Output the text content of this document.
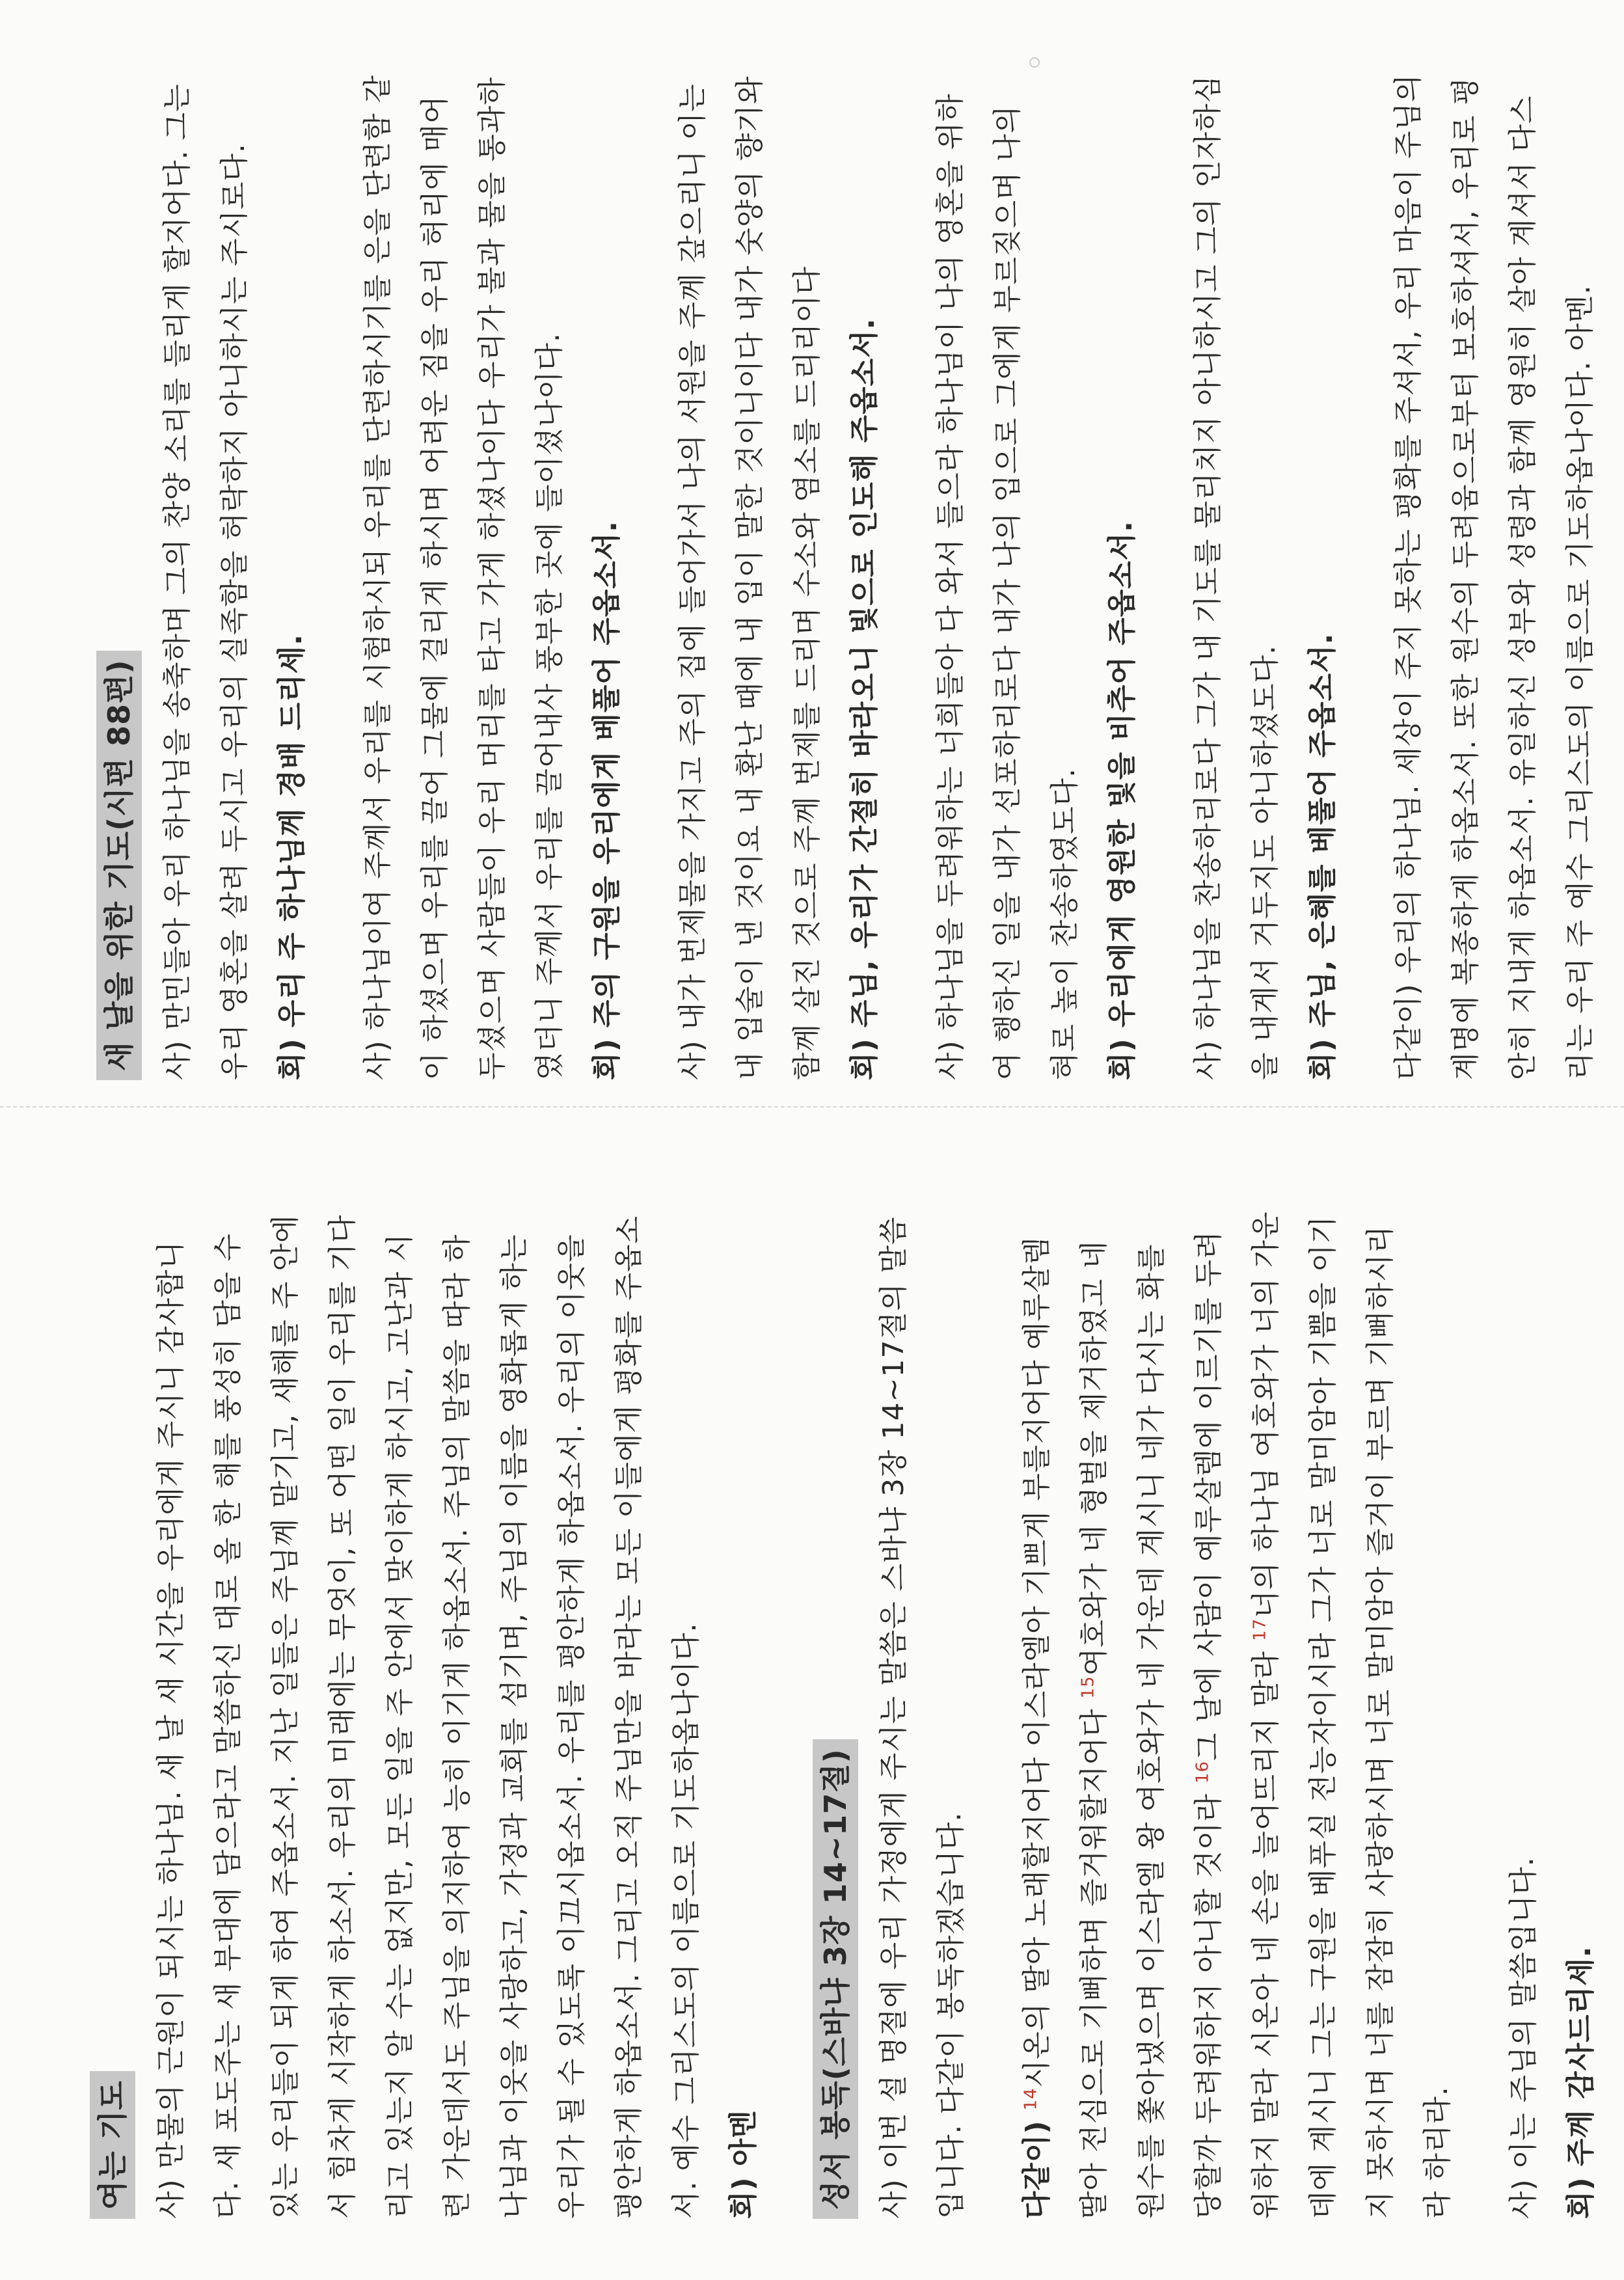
여는 기도 사) 만물의 근원이 되시는 하나님. 새 날 새 시간을 우리에게 주시니 감사합니다. 새 포도주는 새 부대에 담으라고 말씀하신 대로 올 한 해를 풍성히 담을 수 있는 우리들이 되게 하여 주옵소서. 지난 일들은 주님께 맡기고, 새해를 주 안에서 힘차게 시작하게 하소서. 우리의 미래에는 무엇이, 또 어떤 일이 우리를 기다리고 있는지 알 수는 없지만, 모든 일을 주 안에서 맞이하게 하시고, 고난과 시련 가운데서도 주님을 의지하여 능히 이기게 하옵소서. 주님의 말씀을 따라 하나님과 이웃을 사랑하고, 가정과 교회를 섬기며, 주님의 이름을 영화롭게 하는 우리가 될 수 있도록 이끄시옵소서. 우리를 평안하게 하옵소서. 우리의 이웃을 평안하게 하옵소서. 그리고 오직 주님만을 바라는 모든 이들에게 평화를 주옵소서. 예수 그리스도의 이름으로 기도하옵나이다. 회) 아멘	성서 봉독(스바냐 3장 14~17절) 사) 이번 설 명절에 우리 가정에게 주시는 말씀은 스바냐 3장 14~17절의 말씀입니다. 다같이 봉독하겠습니다.	다같이) $^{14}$시온의 딸아 노래할지어다 이스라엘아 기쁘게 부를지어다 예루살렘 딸아 전심으로 기뻐하며 즐거워할지어다 $^{15}$여호와가 네 형벌을 제거하였고 네 원수를 쫓아냈으며 이스라엘 왕 여호와가 네 가운데 계시니 네가 다시는 화를 당할까 두려워하지 아니할 것이라 $^{16}$그 날에 사람이 예루살렘에 이르기를 두려워하지 말라 시온아 네 손을 늘어뜨리지 말라 $^{17}$너의 하나님 여호와가 너의 가운데에 계시니 그는 구원을 베푸실 전능자이시라 그가 너로 말미암아 기쁨을 이기지 못하시며 너를 잠잠히 사랑하시며 너로 말미암아 즐거이 부르며 기뻐하시리라 하리라.	사) 이는 주님의 말씀입니다. 회) 주께 감사드리세.
새 날을 위한 기도(시편 88편) 사) 만민들아 우리 하나님을 송축하며 그의 찬양 소리를 들리게 할지어다. 그는 우리 영혼을 살려 두시고 우리의 실족함을 허락하지 아니하시는 주시로다. 회) 우리 주 하나님께 경배 드리세.	사) 하나님이여 주께서 우리를 시험하시되 우리를 단련하시기를 은을 단련함 같이 하셨으며 우리를 끌어 그물에 걸리게 하시며 어려운 짐을 우리 허리에 매어 두셨으며 사람들이 우리 머리를 타고 가게 하셨나이다 우리가 불과 물을 통과하였더니 주께서 우리를 끌어내사 풍부한 곳에 들이셨나이다. 회) 주의 구원을 우리에게 베풀어 주옵소서.	사) 내가 번제물을 가지고 주의 집에 들어가서 나의 서원을 주께 갚으리니 이는 내 입술이 낸 것이요 내 환난 때에 내 입이 말한 것이니이다 내가 숫양의 향기와 함께 살진 것으로 주께 번제를 드리며 수소와 염소를 드리리이다 회) 주님, 우리가 간절히 바라오니 빛으로 인도해 주옵소서.	사) 하나님을 두려워하는 너희들아 다 와서 들으라 하나님이 나의 영혼을 위하여 행하신 일을 내가 선포하리로다 내가 나의 입으로 그에게 부르짖으며 나의 혀로 높이 찬송하였도다. 회) 우리에게 영원한 빛을 비추어 주옵소서.	사) 하나님을 찬송하리로다 그가 내 기도를 물리치지 아니하시고 그의 인자하심을 내게서 거두지도 아니하셨도다. 회) 주님, 은혜를 베풀어 주옵소서.	다같이) 우리의 하나님. 세상이 주지 못하는 평화를 주셔서, 우리 마음이 주님의 계명에 복종하게 하옵소서. 또한 원수의 두려움으로부터 보호하셔서, 우리로 평안히 지내게 하옵소서. 유일하신 성부와 성령과 함께 영원히 살아 계셔서 다스리는 우리 주 예수 그리스도의 이름으로 기도하옵나이다. 아멘.
